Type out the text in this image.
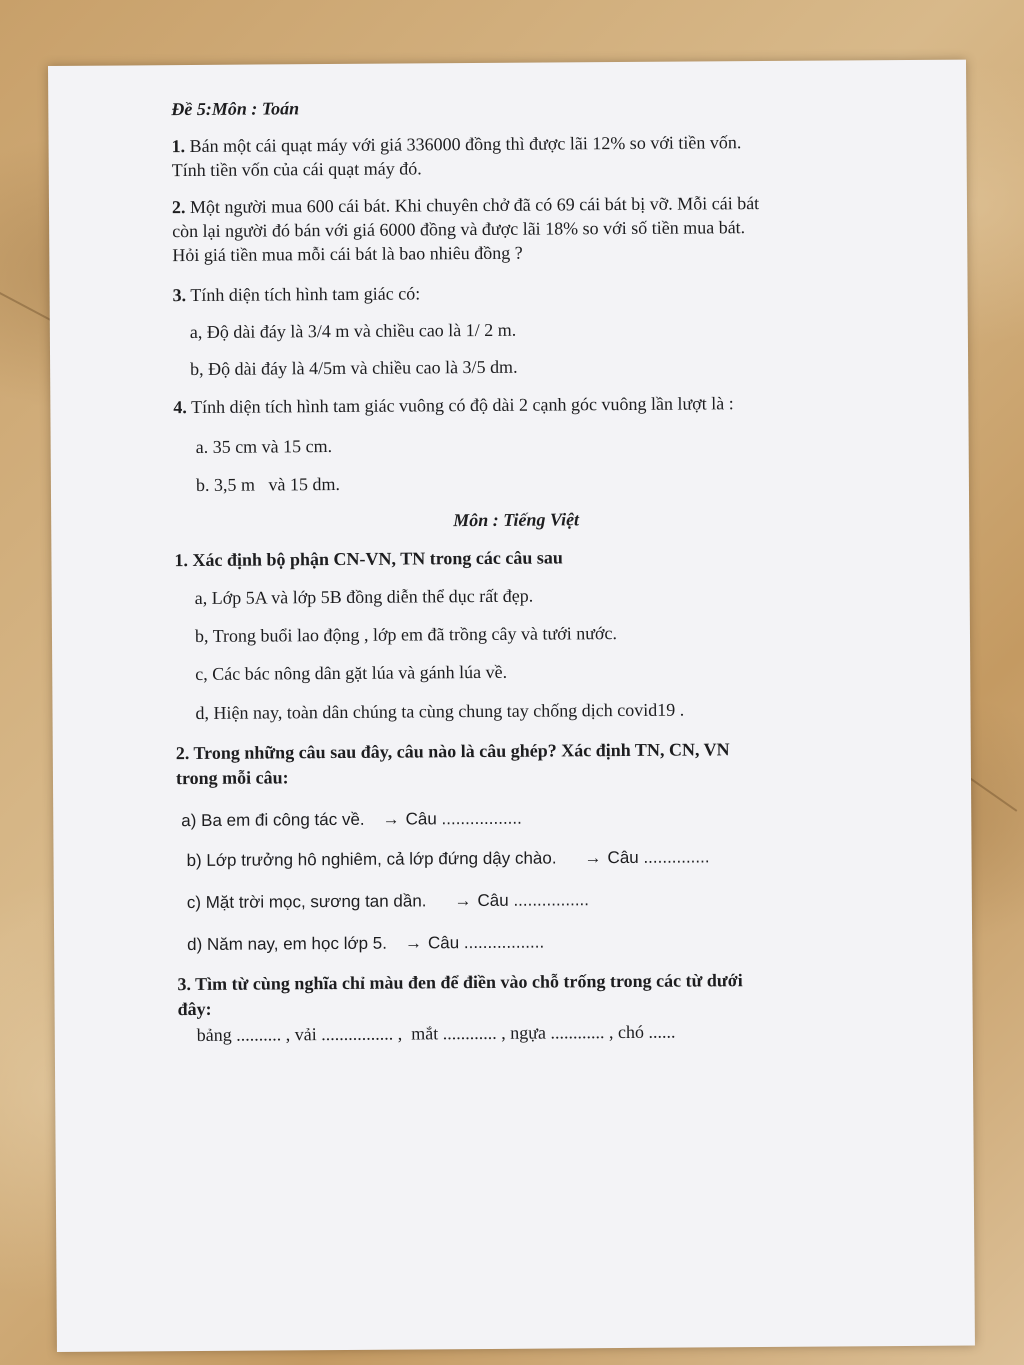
Đề 5:Môn : Toán
1. Bán một cái quạt máy với giá 336000 đồng thì được lãi 12% so với tiền vốn.
Tính tiền vốn của cái quạt máy đó.
2. Một người mua 600 cái bát. Khi chuyên chở đã có 69 cái bát bị vỡ. Mỗi cái bát
còn lại người đó bán với giá 6000 đồng và được lãi 18% so với số tiền mua bát.
Hỏi giá tiền mua mỗi cái bát là bao nhiêu đồng ?
3. Tính diện tích hình tam giác có:
a, Độ dài đáy là 3/4 m và chiều cao là 1/ 2 m.
b, Độ dài đáy là 4/5m và chiều cao là 3/5 dm.
4. Tính diện tích hình tam giác vuông có độ dài 2 cạnh góc vuông lần lượt là :
a. 35 cm và 15 cm.
b. 3,5 m   và 15 dm.
Môn : Tiếng Việt
1. Xác định bộ phận CN-VN, TN trong các câu sau
a, Lớp 5A và lớp 5B đồng diễn thể dục rất đẹp.
b, Trong buổi lao động , lớp em đã trồng cây và tưới nước.
c, Các bác nông dân gặt lúa và gánh lúa về.
d, Hiện nay, toàn dân chúng ta cùng chung tay chống dịch covid19 .
2. Trong những câu sau đây, câu nào là câu ghép? Xác định TN, CN, VN
trong mỗi câu:
a) Ba em đi công tác về. → Câu .................
b) Lớp trưởng hô nghiêm, cả lớp đứng dậy chào. → Câu ..............
c) Mặt trời mọc, sương tan dần. → Câu ................
d) Năm nay, em học lớp 5. → Câu .................
3. Tìm từ cùng nghĩa chỉ màu đen để điền vào chỗ trống trong các từ dưới
đây:
bảng .......... , vải ................ ,  mắt ............ , ngựa ............ , chó ......
